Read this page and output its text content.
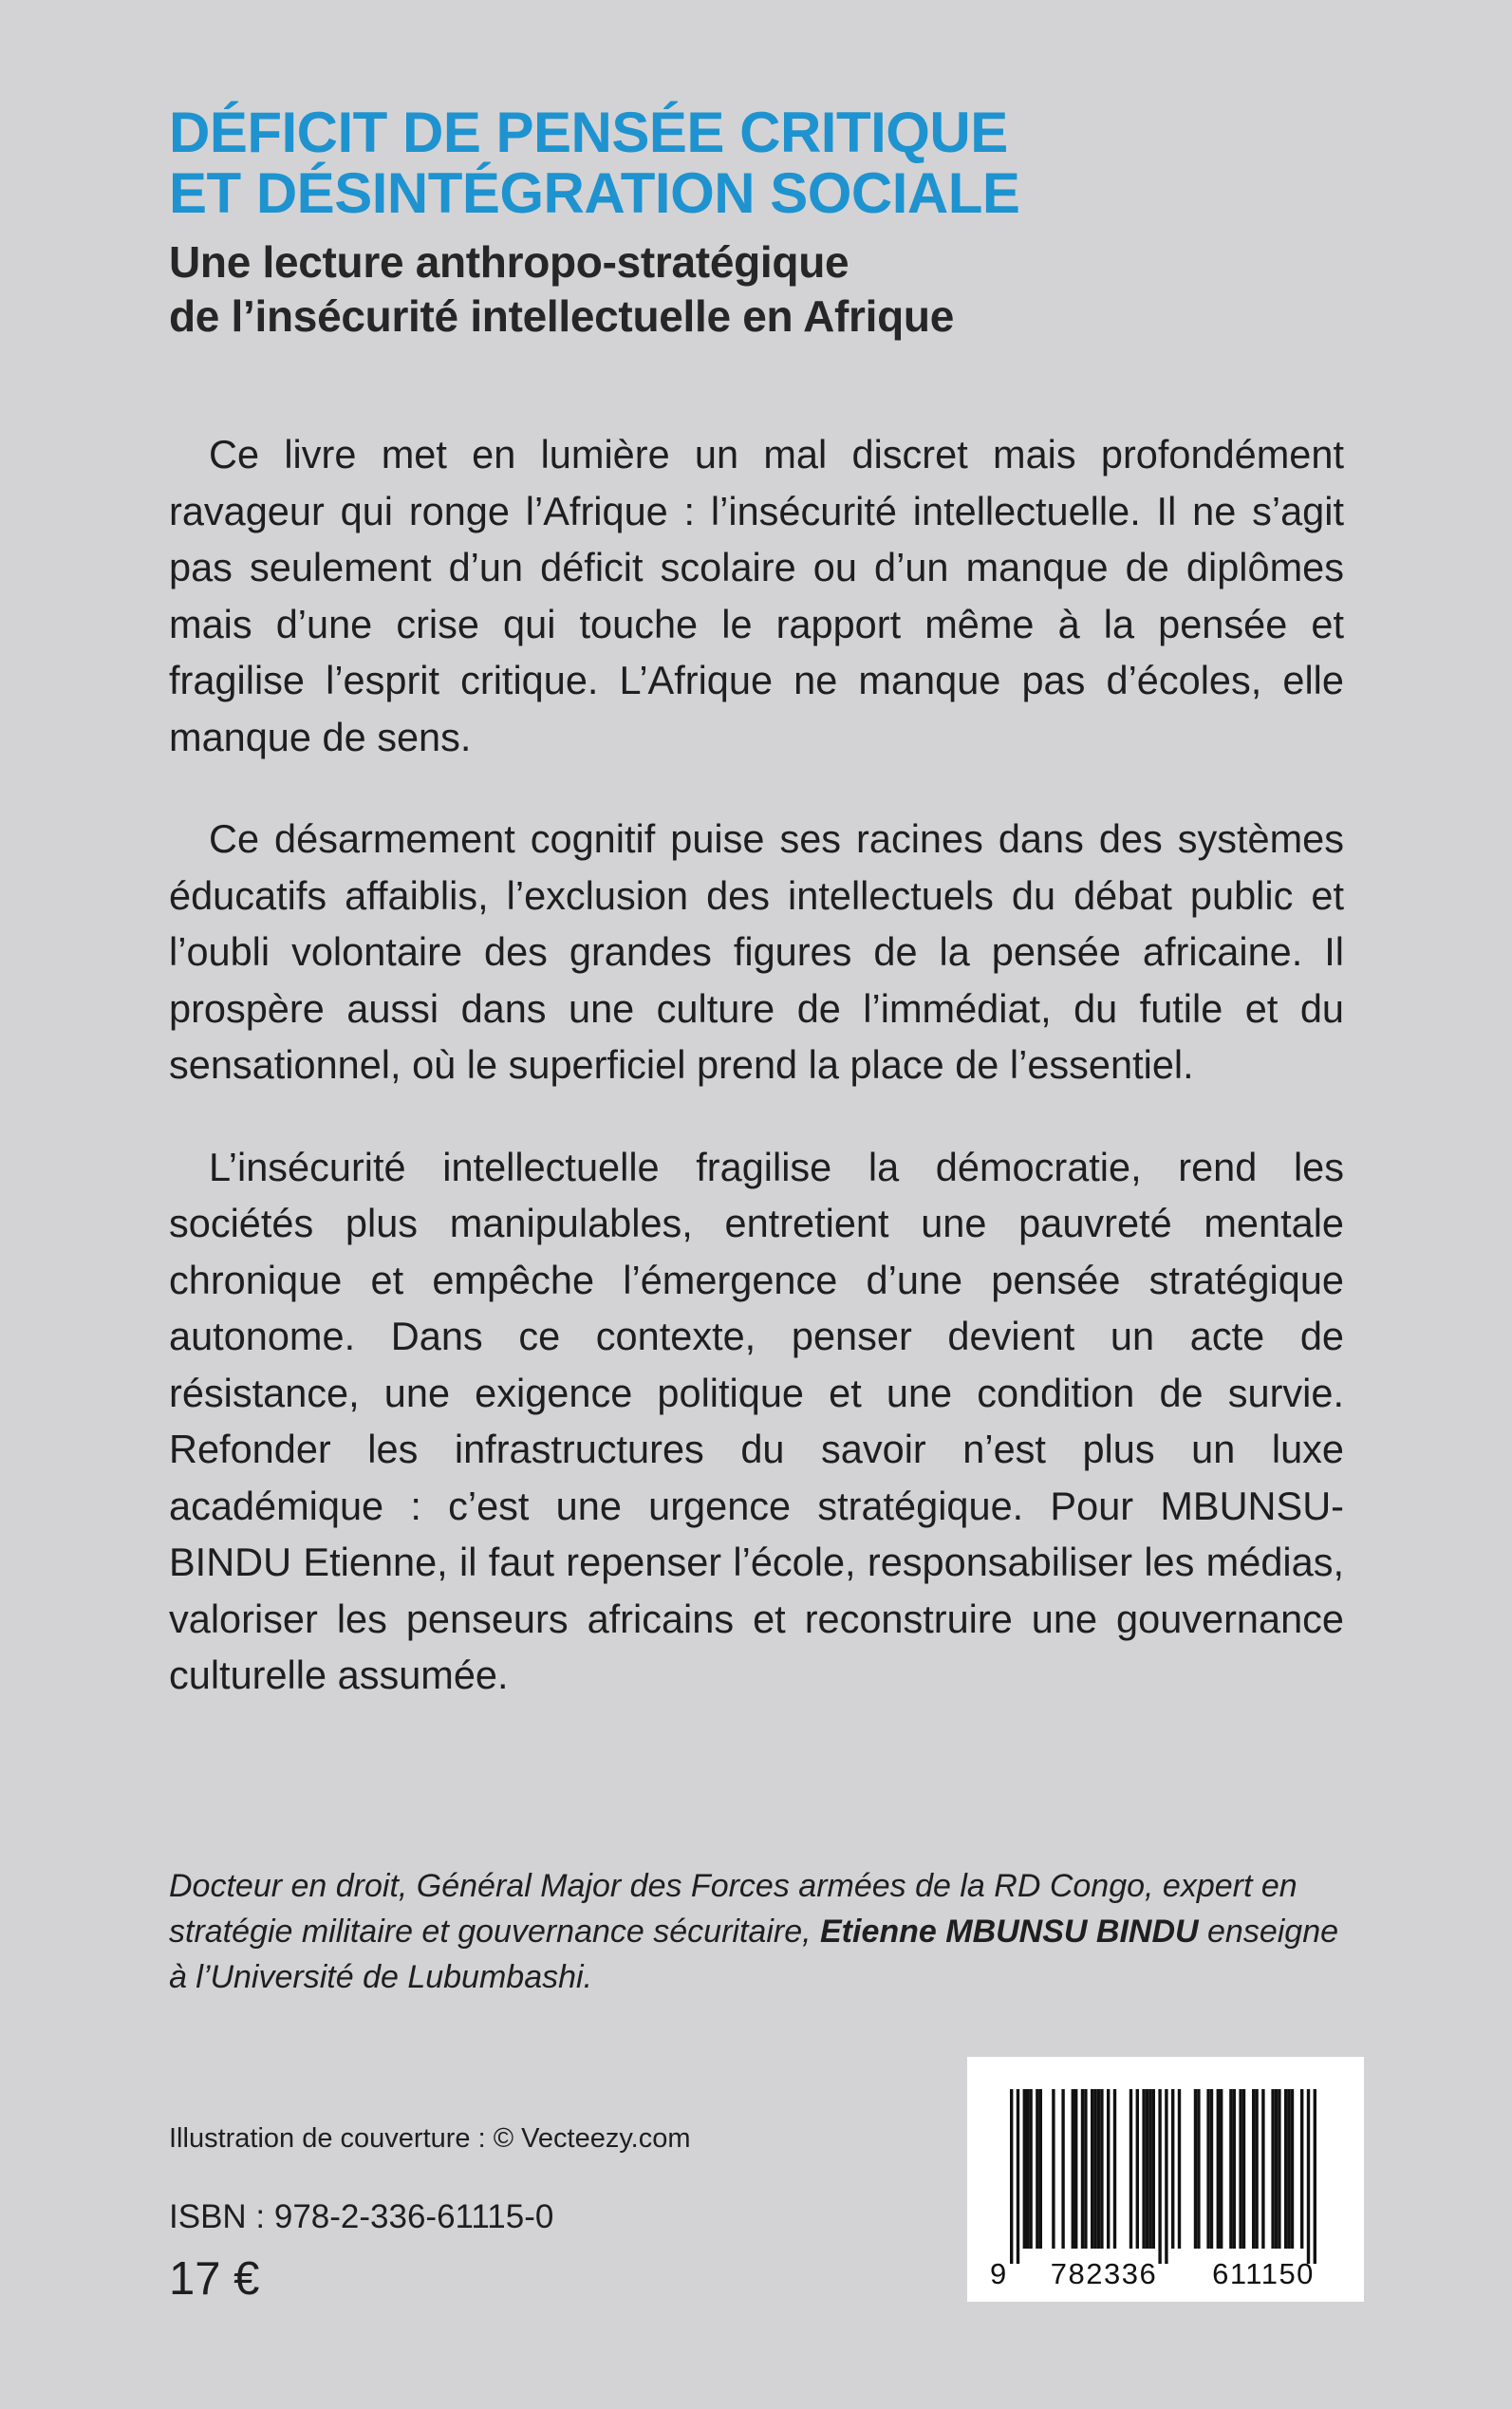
DÉFICIT DE PENSÉE CRITIQUE
ET DÉSINTÉGRATION SOCIALE
Une lecture anthropo-stratégique
de l’insécurité intellectuelle en Afrique

Ce livre met en lumière un mal discret mais profondément ravageur qui ronge l’Afrique : l’insécurité intellectuelle. Il ne s’agit pas seulement d’un déficit scolaire ou d’un manque de diplômes mais d’une crise qui touche le rapport même à la pensée et fragilise l’esprit critique. L’Afrique ne manque pas d’écoles, elle manque de sens.

Ce désarmement cognitif puise ses racines dans des systèmes éducatifs affaiblis, l’exclusion des intellectuels du débat public et l’oubli volontaire des grandes figures de la pensée africaine. Il prospère aussi dans une culture de l’immédiat, du futile et du sensationnel, où le superficiel prend la place de l’essentiel.

L’insécurité intellectuelle fragilise la démocratie, rend les sociétés plus manipulables, entretient une pauvreté mentale chronique et empêche l’émergence d’une pensée stratégique autonome. Dans ce contexte, penser devient un acte de résistance, une exigence politique et une condition de survie. Refonder les infrastructures du savoir n’est plus un luxe académique : c’est une urgence stratégique. Pour MBUNSU-BINDU Etienne, il faut repenser l’école, responsabiliser les médias, valoriser les penseurs africains et reconstruire une gouvernance culturelle assumée.

Docteur en droit, Général Major des Forces armées de la RD Congo, expert en stratégie militaire et gouvernance sécuritaire, Etienne MBUNSU BINDU enseigne à l’Université de Lubumbashi.

Illustration de couverture : © Vecteezy.com
ISBN : 978-2-336-61115-0
17 €	9 782336 611150
